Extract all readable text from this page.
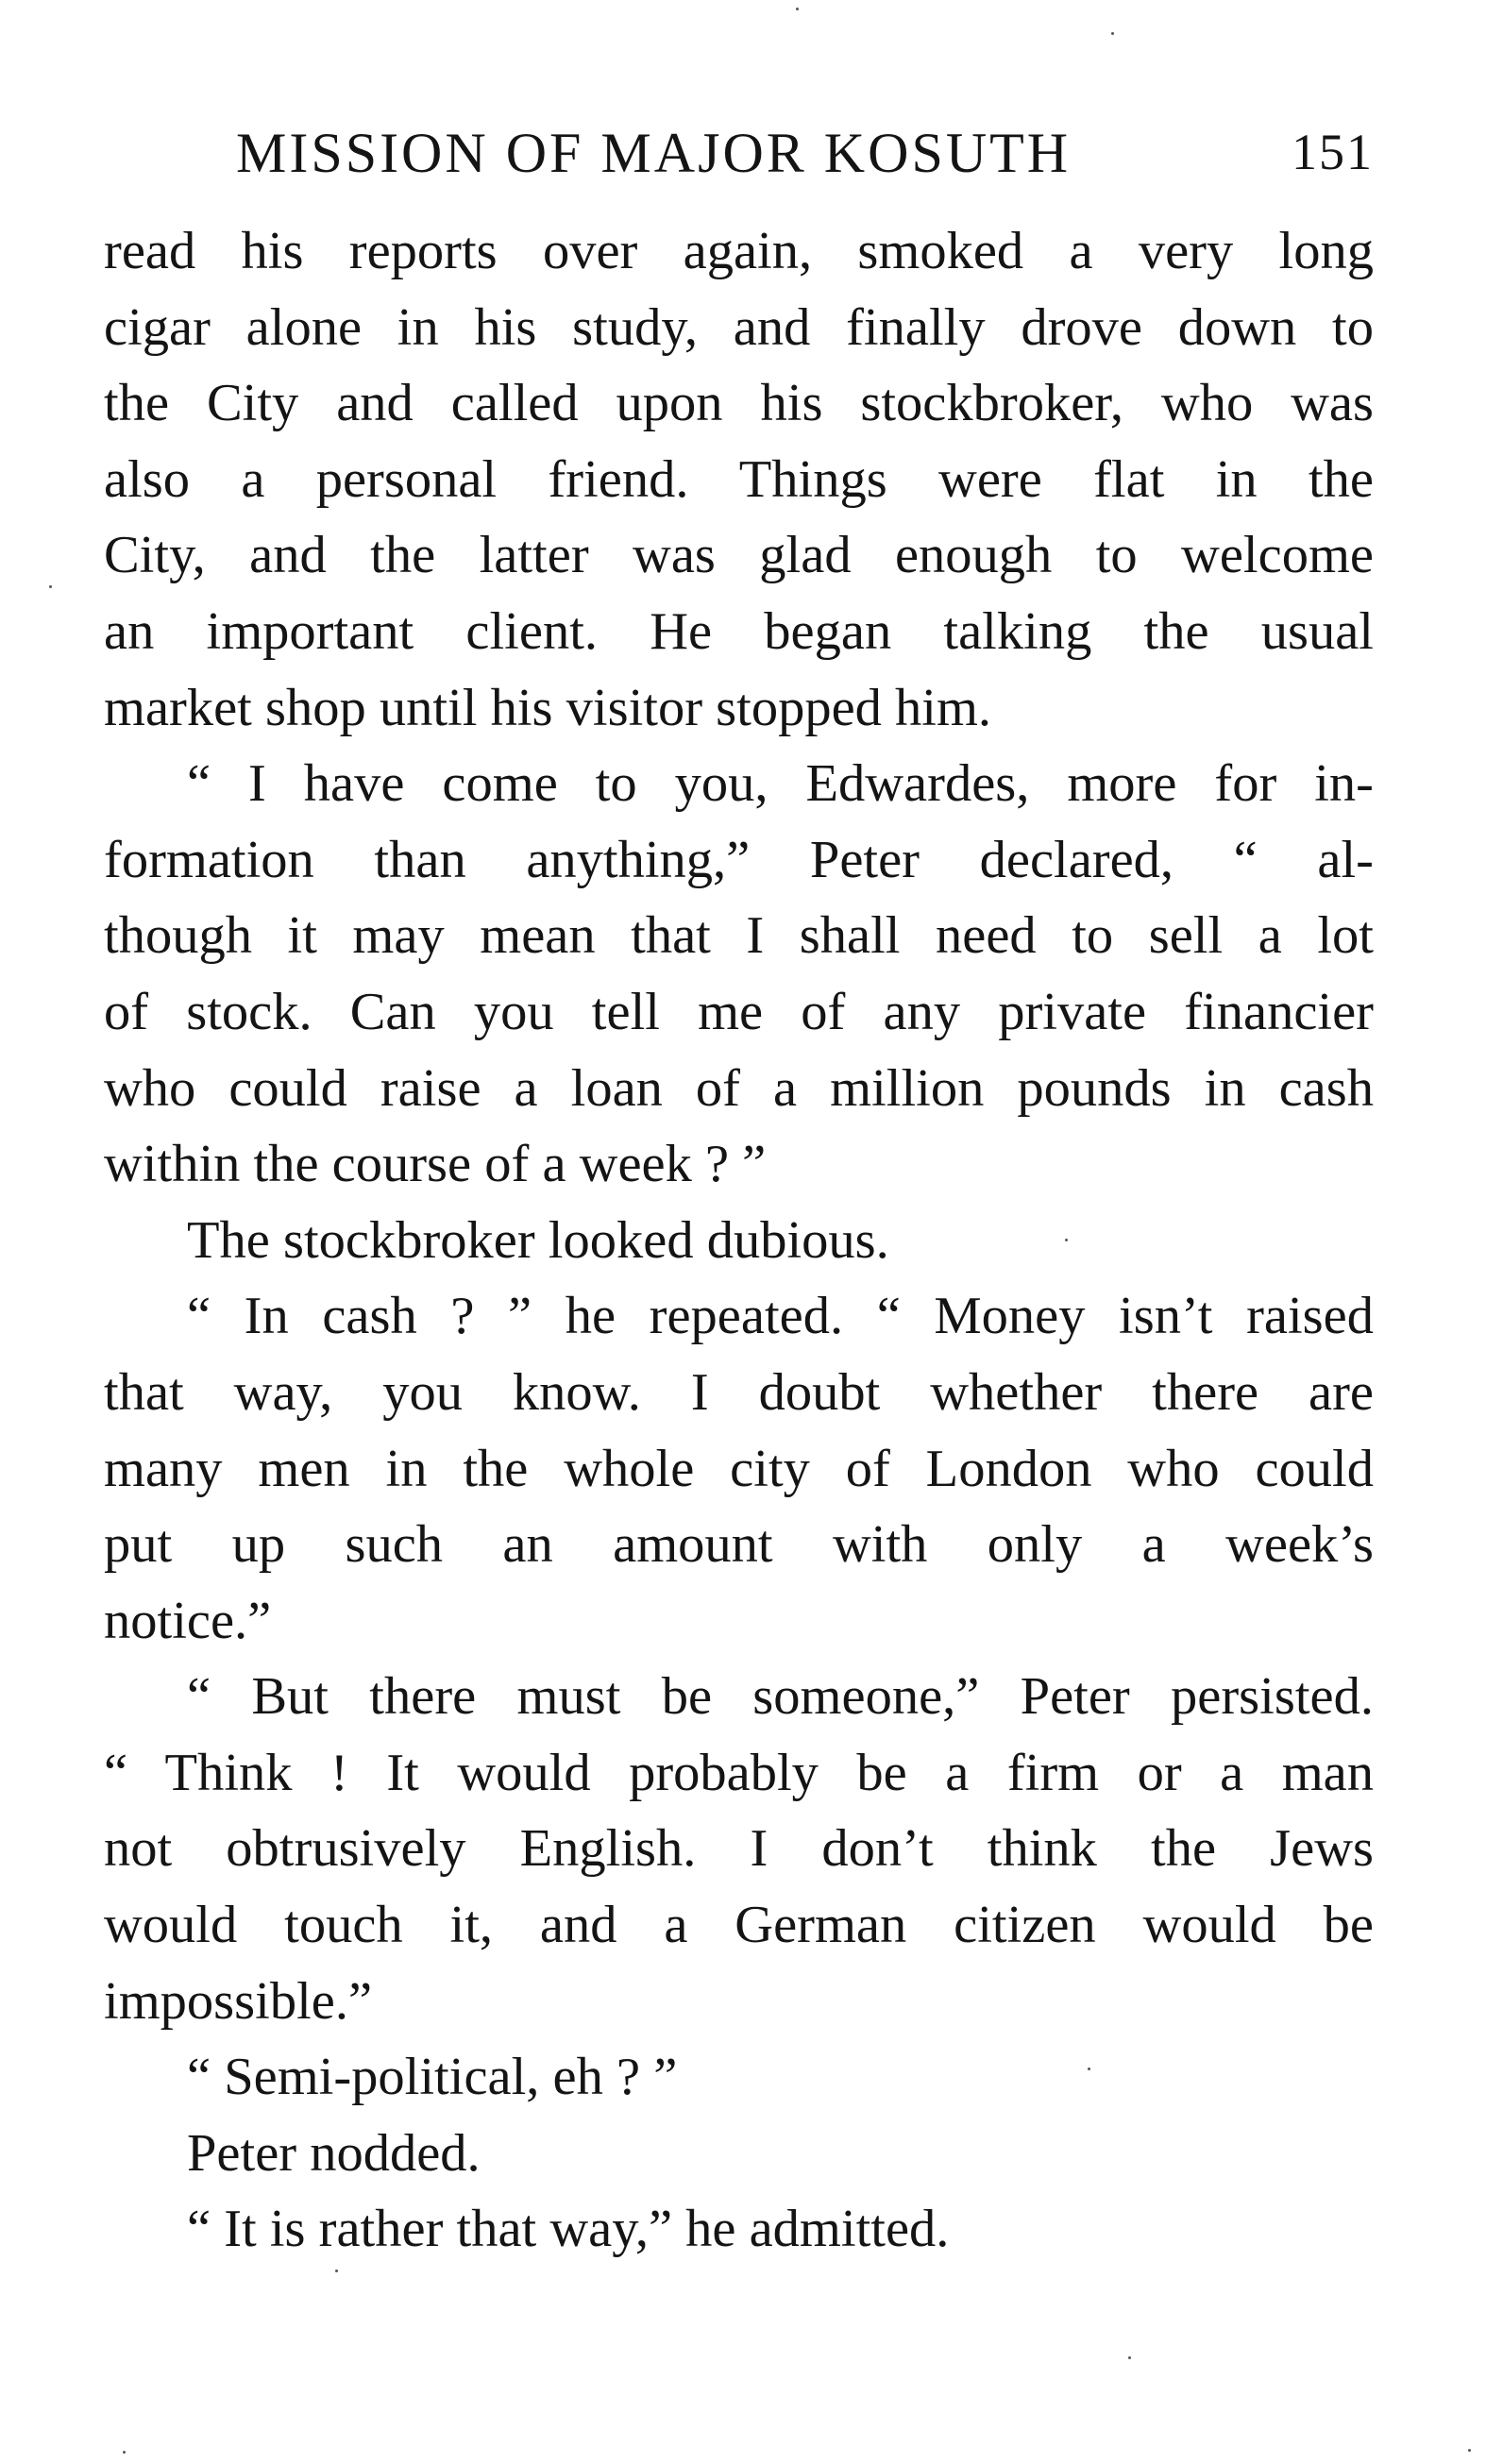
MISSION OF MAJOR KOSUTH	151
read his reports over again, smoked a very long
cigar alone in his study, and finally drove down to
the City and called upon his stockbroker, who was
also a personal friend. Things were flat in the
City, and the latter was glad enough to welcome
an important client. He began talking the usual
market shop until his visitor stopped him.
“ I have come to you, Edwardes, more for in-
formation than anything,” Peter declared, “ al-
though it may mean that I shall need to sell a lot
of stock. Can you tell me of any private financier
who could raise a loan of a million pounds in cash
within the course of a week ? ”
The stockbroker looked dubious.
“ In cash ? ” he repeated. “ Money isn’t raised
that way, you know. I doubt whether there are
many men in the whole city of London who could
put up such an amount with only a week’s
notice.”
“ But there must be someone,” Peter persisted.
“ Think ! It would probably be a firm or a man
not obtrusively English. I don’t think the Jews
would touch it, and a German citizen would be
impossible.”
“ Semi-political, eh ? ”
Peter nodded.
“ It is rather that way,” he admitted.
